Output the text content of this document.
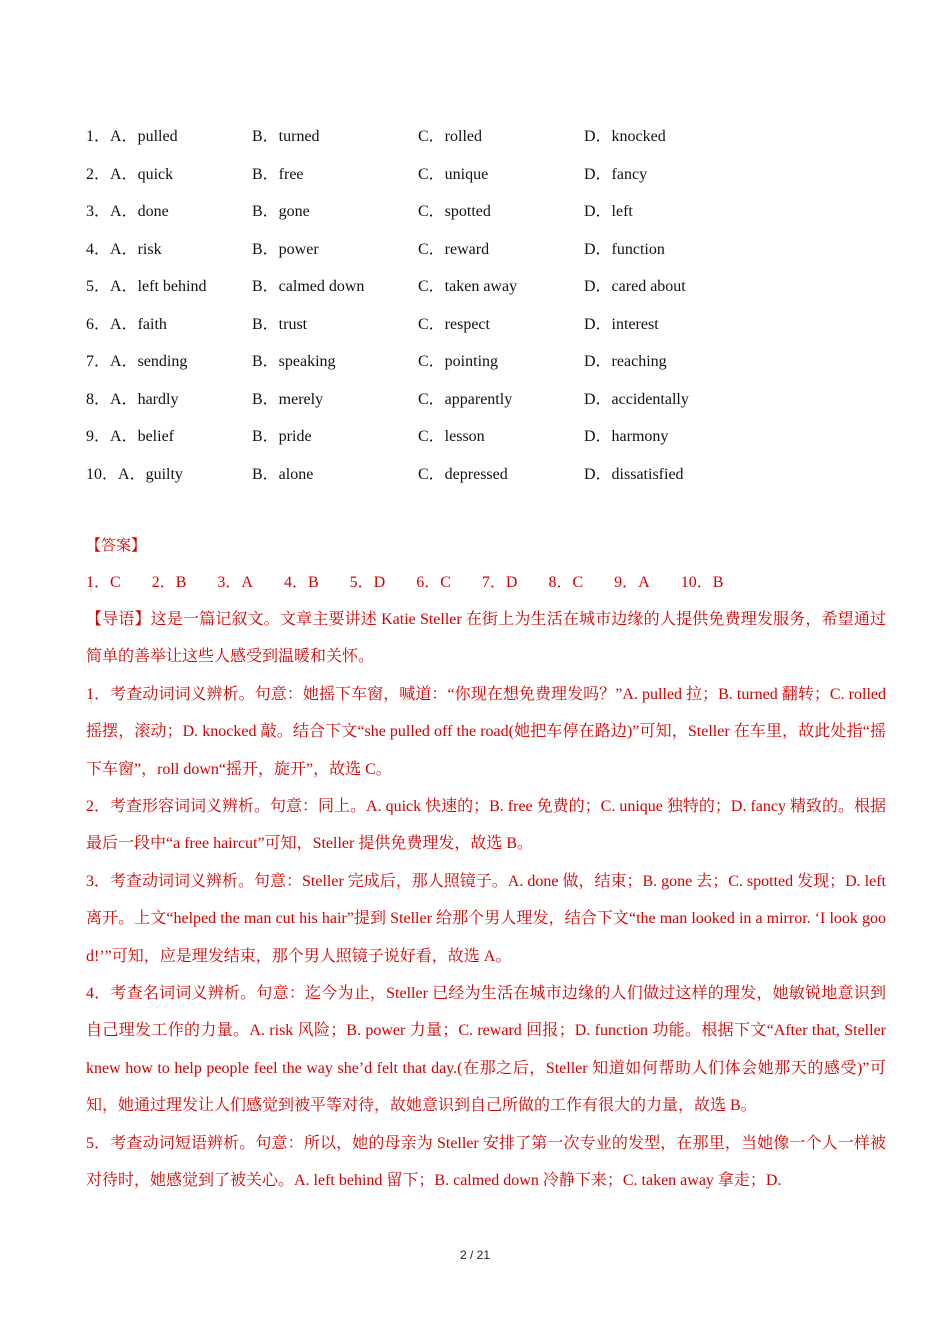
1．A．pulled	B．turned	C．rolled	D．knocked
2．A．quick	B．free	C．unique	D．fancy
3．A．done	B．gone	C．spotted	D．left
4．A．risk	B．power	C．reward	D．function
5．A．left behind	B．calmed down	C．taken away	D．cared about
6．A．faith	B．trust	C．respect	D．interest
7．A．sending	B．speaking	C．pointing	D．reaching
8．A．hardly	B．merely	C．apparently	D．accidentally
9．A．belief	B．pride	C．lesson	D．harmony
10．A．guilty	B．alone	C．depressed	D．dissatisfied
【答案】
1．C 2．B 3．A 4．B 5．D 6．C 7．D 8．C 9．A 10．B
【导语】这是一篇记叙文。文章主要讲述 Katie Steller 在街上为生活在城市边缘的人提供免费理发服务，希望通过简单的善举让这些人感受到温暖和关怀。
1．考查动词词义辨析。句意：她摇下车窗，喊道：“你现在想免费理发吗？”A. pulled 拉；B. turned 翻转；C. rolled 摇摆，滚动；D. knocked 敲。结合下文“she pulled off the road(她把车停在路边)”可知，Steller 在车里，故此处指“摇下车窗”，roll down“摇开，旋开”，故选 C。
2．考查形容词词义辨析。句意：同上。A. quick 快速的；B. free 免费的；C. unique 独特的；D. fancy 精致的。根据最后一段中“a free haircut”可知，Steller 提供免费理发，故选 B。
3．考查动词词义辨析。句意：Steller 完成后，那人照镜子。A. done 做，结束；B. gone 去；C. spotted 发现；D. left 离开。上文“helped the man cut his hair”提到 Steller 给那个男人理发，结合下文“the man looked in a mirror. ‘I look good!’”可知，应是理发结束，那个男人照镜子说好看，故选 A。
4．考查名词词义辨析。句意：迄今为止，Steller 已经为生活在城市边缘的人们做过这样的理发，她敏锐地意识到自己理发工作的力量。A. risk 风险；B. power 力量；C. reward 回报；D. function 功能。根据下文“After that, Steller knew how to help people feel the way she’d felt that day.(在那之后，Steller 知道如何帮助人们体会她那天的感受)”可知，她通过理发让人们感觉到被平等对待，故她意识到自己所做的工作有很大的力量，故选 B。
5．考查动词短语辨析。句意：所以，她的母亲为 Steller 安排了第一次专业的发型，在那里，当她像一个人一样被对待时，她感觉到了被关心。A. left behind 留下；B. calmed down 冷静下来；C. taken away 拿走；D.
2 / 21
